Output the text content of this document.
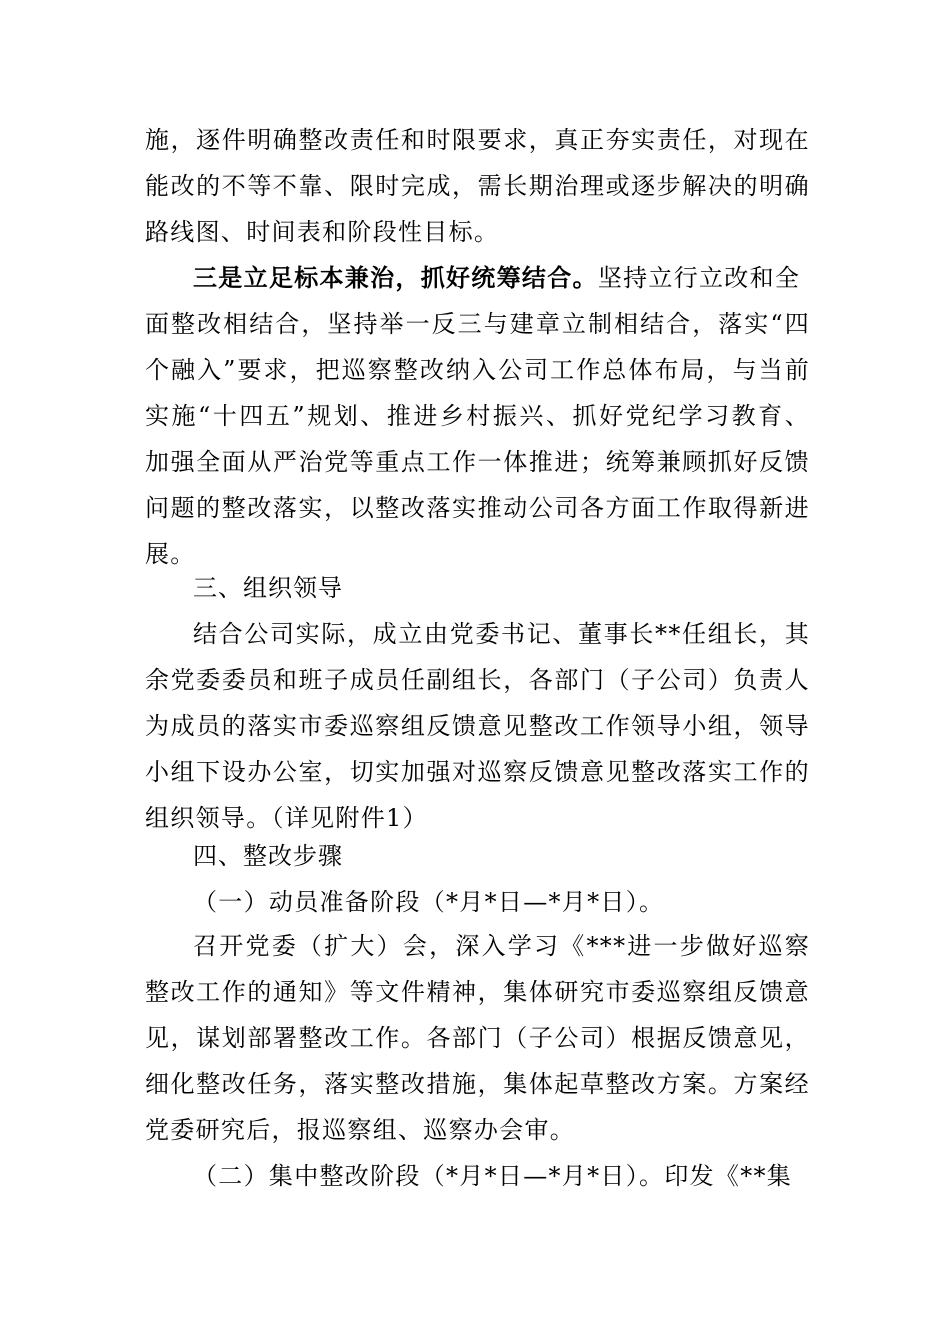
施，逐件明确整改责任和时限要求，真正夯实责任，对现在
能改的不等不靠、限时完成，需长期治理或逐步解决的明确
路线图、时间表和阶段性目标。
三是立足标本兼治，抓好统筹结合。坚持立行立改和全
面整改相结合，坚持举一反三与建章立制相结合，落实“四
个融入”要求，把巡察整改纳入公司工作总体布局，与当前
实施“十四五”规划、推进乡村振兴、抓好党纪学习教育、
加强全面从严治党等重点工作一体推进；统筹兼顾抓好反馈
问题的整改落实，以整改落实推动公司各方面工作取得新进
展。
三、组织领导
结合公司实际，成立由党委书记、董事长**任组长，其
余党委委员和班子成员任副组长，各部门（子公司）负责人
为成员的落实市委巡察组反馈意见整改工作领导小组，领导
小组下设办公室，切实加强对巡察反馈意见整改落实工作的
组织领导。（详见附件1）
四、整改步骤
（一）动员准备阶段（*月*日—*月*日）。
召开党委（扩大）会，深入学习《***进一步做好巡察
整改工作的通知》等文件精神，集体研究市委巡察组反馈意
见，谋划部署整改工作。各部门（子公司）根据反馈意见，
细化整改任务，落实整改措施，集体起草整改方案。方案经
党委研究后，报巡察组、巡察办会审。
（二）集中整改阶段（*月*日—*月*日）。印发《**集
